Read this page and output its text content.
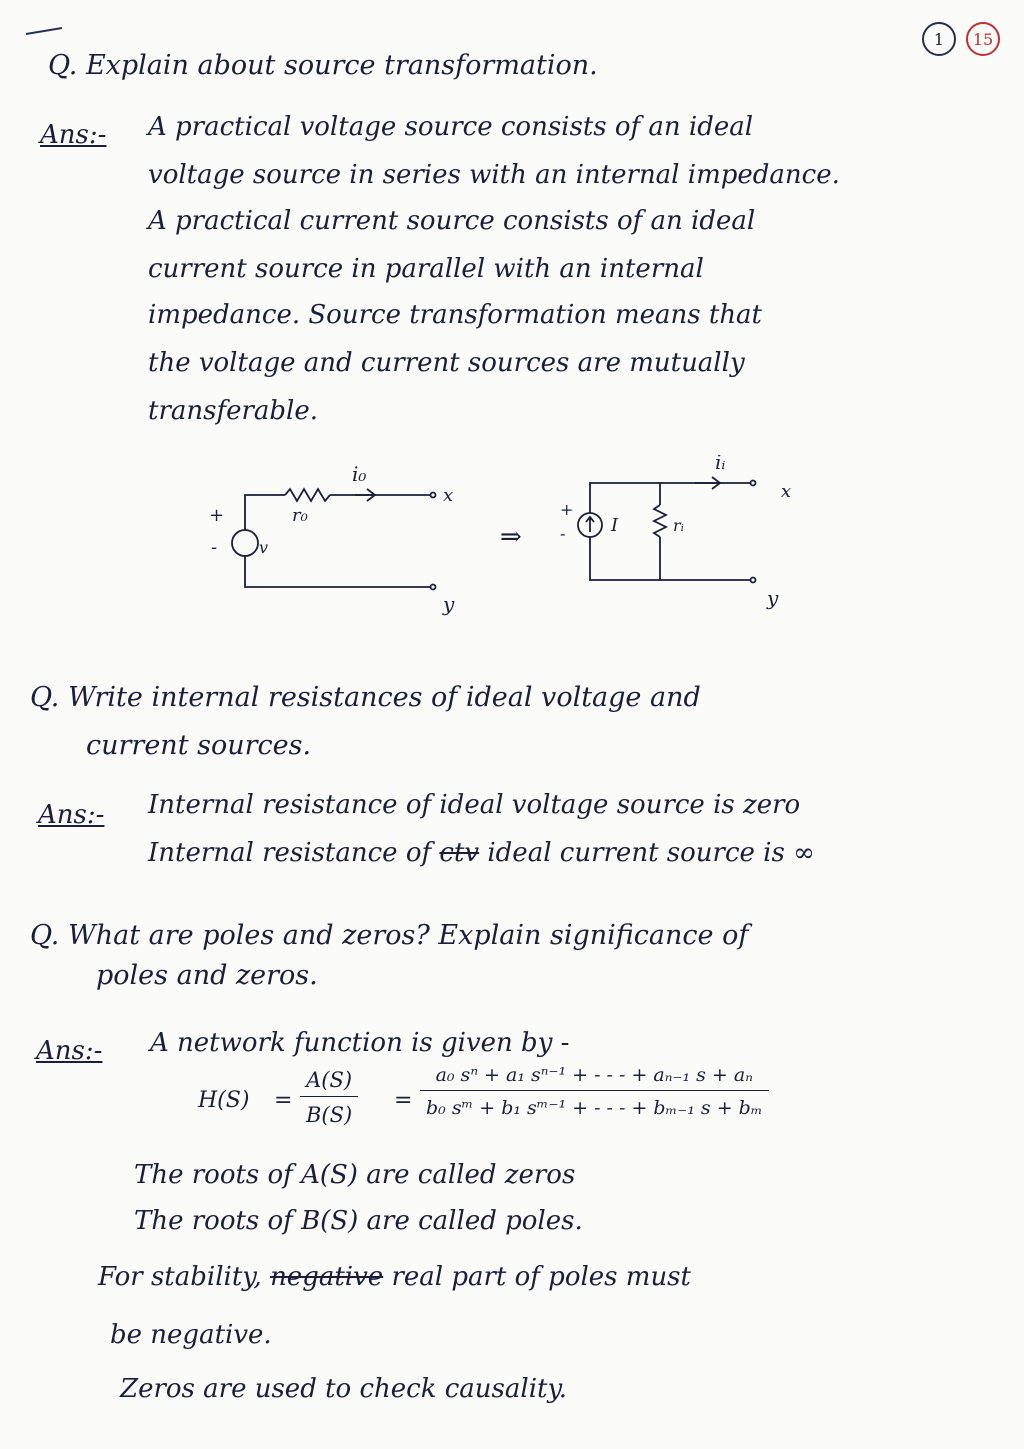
1	15
Q. Explain about source transformation.
Ans:- A practical voltage source consists of an ideal
voltage source in series with an internal impedance.
A practical current source consists of an ideal
current source in parallel with an internal
impedance. Source transformation means that
the voltage and current sources are mutually
transferable.
i₀
r₀
v
+
-
x
y
⇒
iᵢ
rᵢ
I
+
-
x
y
Q. Write internal resistances of ideal voltage and
current sources.
Ans:- Internal resistance of ideal voltage source is zero
Internal resistance of ctv ideal current source is ∞
Q. What are poles and zeros? Explain significance of
poles and zeros.
Ans:- A network function is given by -
$H(S) = \frac{A(S)}{B(S)} = \frac{\text{a₀ sⁿ + a₁ sⁿ⁻¹ + - - - + aₙ₋₁ s + aₙ}}{\text{b₀ sᵐ + b₁ sᵐ⁻¹ + - - - + bₘ₋₁ s + bₘ}}$
The roots of A(S) are called zeros
The roots of B(S) are called poles.
For stability, negative real part of poles must
be negative.
Zeros are used to check causality.
